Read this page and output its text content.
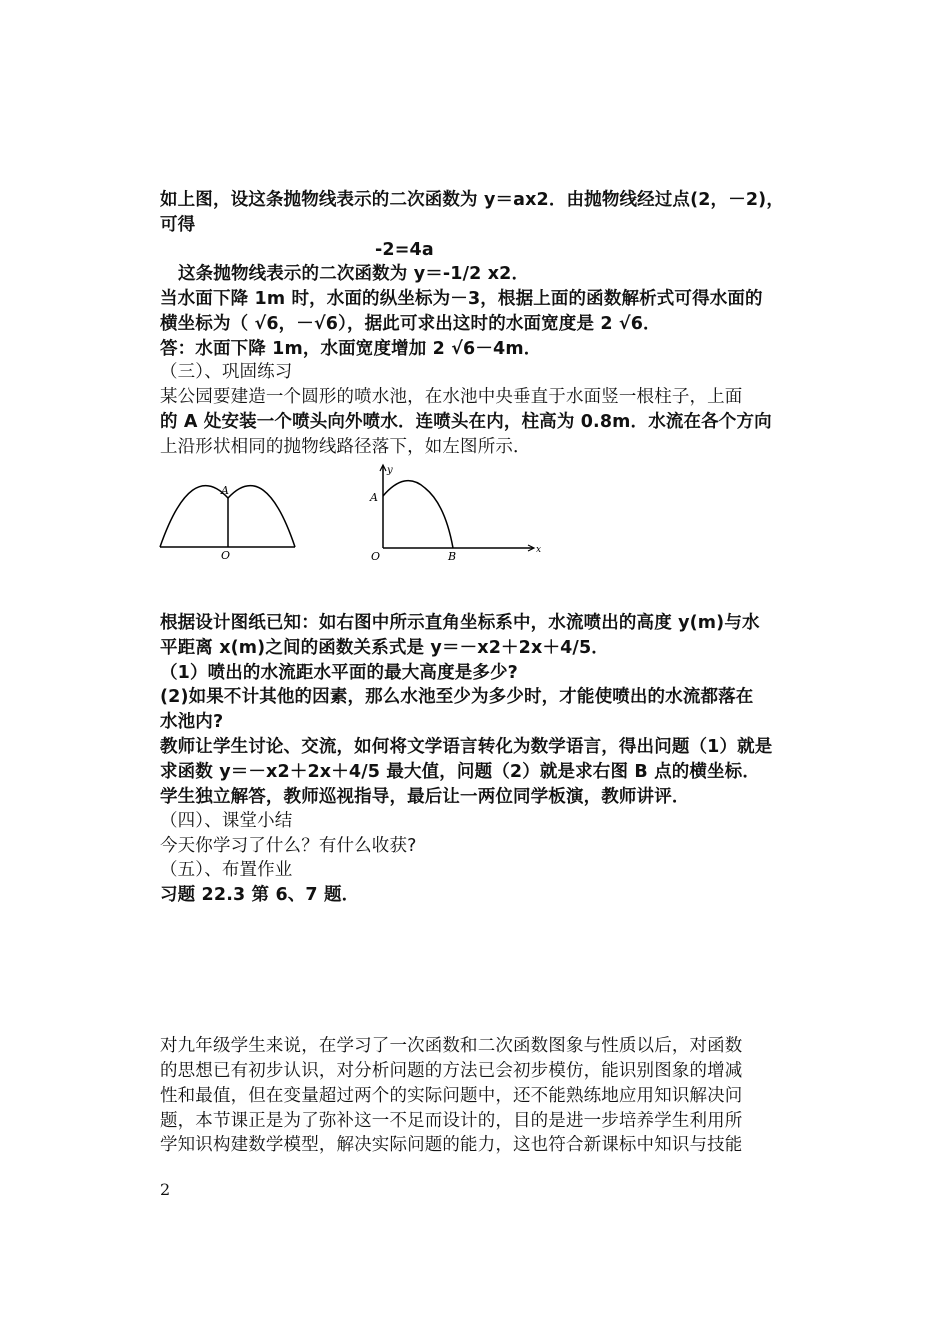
如上图，设这条抛物线表示的二次函数为 y＝ax2．由抛物线经过点(2，－2)，
可得
-2=4a
这条抛物线表示的二次函数为 y＝-1/2 x2．
当水面下降 1m 时，水面的纵坐标为－3，根据上面的函数解析式可得水面的
横坐标为（ √6，－√6），据此可求出这时的水面宽度是 2 √6．
答：水面下降 1m，水面宽度增加 2 √6－4m．
（三）、巩固练习
某公园要建造一个圆形的喷水池，在水池中央垂直于水面竖一根柱子，上面
的 A 处安装一个喷头向外喷水．连喷头在内，柱高为 0.8m．水流在各个方向
上沿形状相同的抛物线路径落下，如左图所示．
A
O
y
A
O	B	x
根据设计图纸已知：如右图中所示直角坐标系中，水流喷出的高度 y(m)与水
平距离 x(m)之间的函数关系式是 y＝－x2＋2x＋4/5．
（1）喷出的水流距水平面的最大高度是多少?
(2)如果不计其他的因素，那么水池至少为多少时，才能使喷出的水流都落在
水池内?
教师让学生讨论、交流，如何将文学语言转化为数学语言，得出问题（1）就是
求函数 y＝－x2＋2x＋4/5 最大值，问题（2）就是求右图 B 点的横坐标．
学生独立解答，教师巡视指导，最后让一两位同学板演，教师讲评．
（四）、课堂小结
今天你学习了什么？有什么收获?
（五）、布置作业
习题 22.3 第 6、7 题．
对九年级学生来说，在学习了一次函数和二次函数图象与性质以后，对函数
的思想已有初步认识，对分析问题的方法已会初步模仿，能识别图象的增减
性和最值，但在变量超过两个的实际问题中，还不能熟练地应用知识解决问
题，本节课正是为了弥补这一不足而设计的，目的是进一步培养学生利用所
学知识构建数学模型，解决实际问题的能力，这也符合新课标中知识与技能
2
